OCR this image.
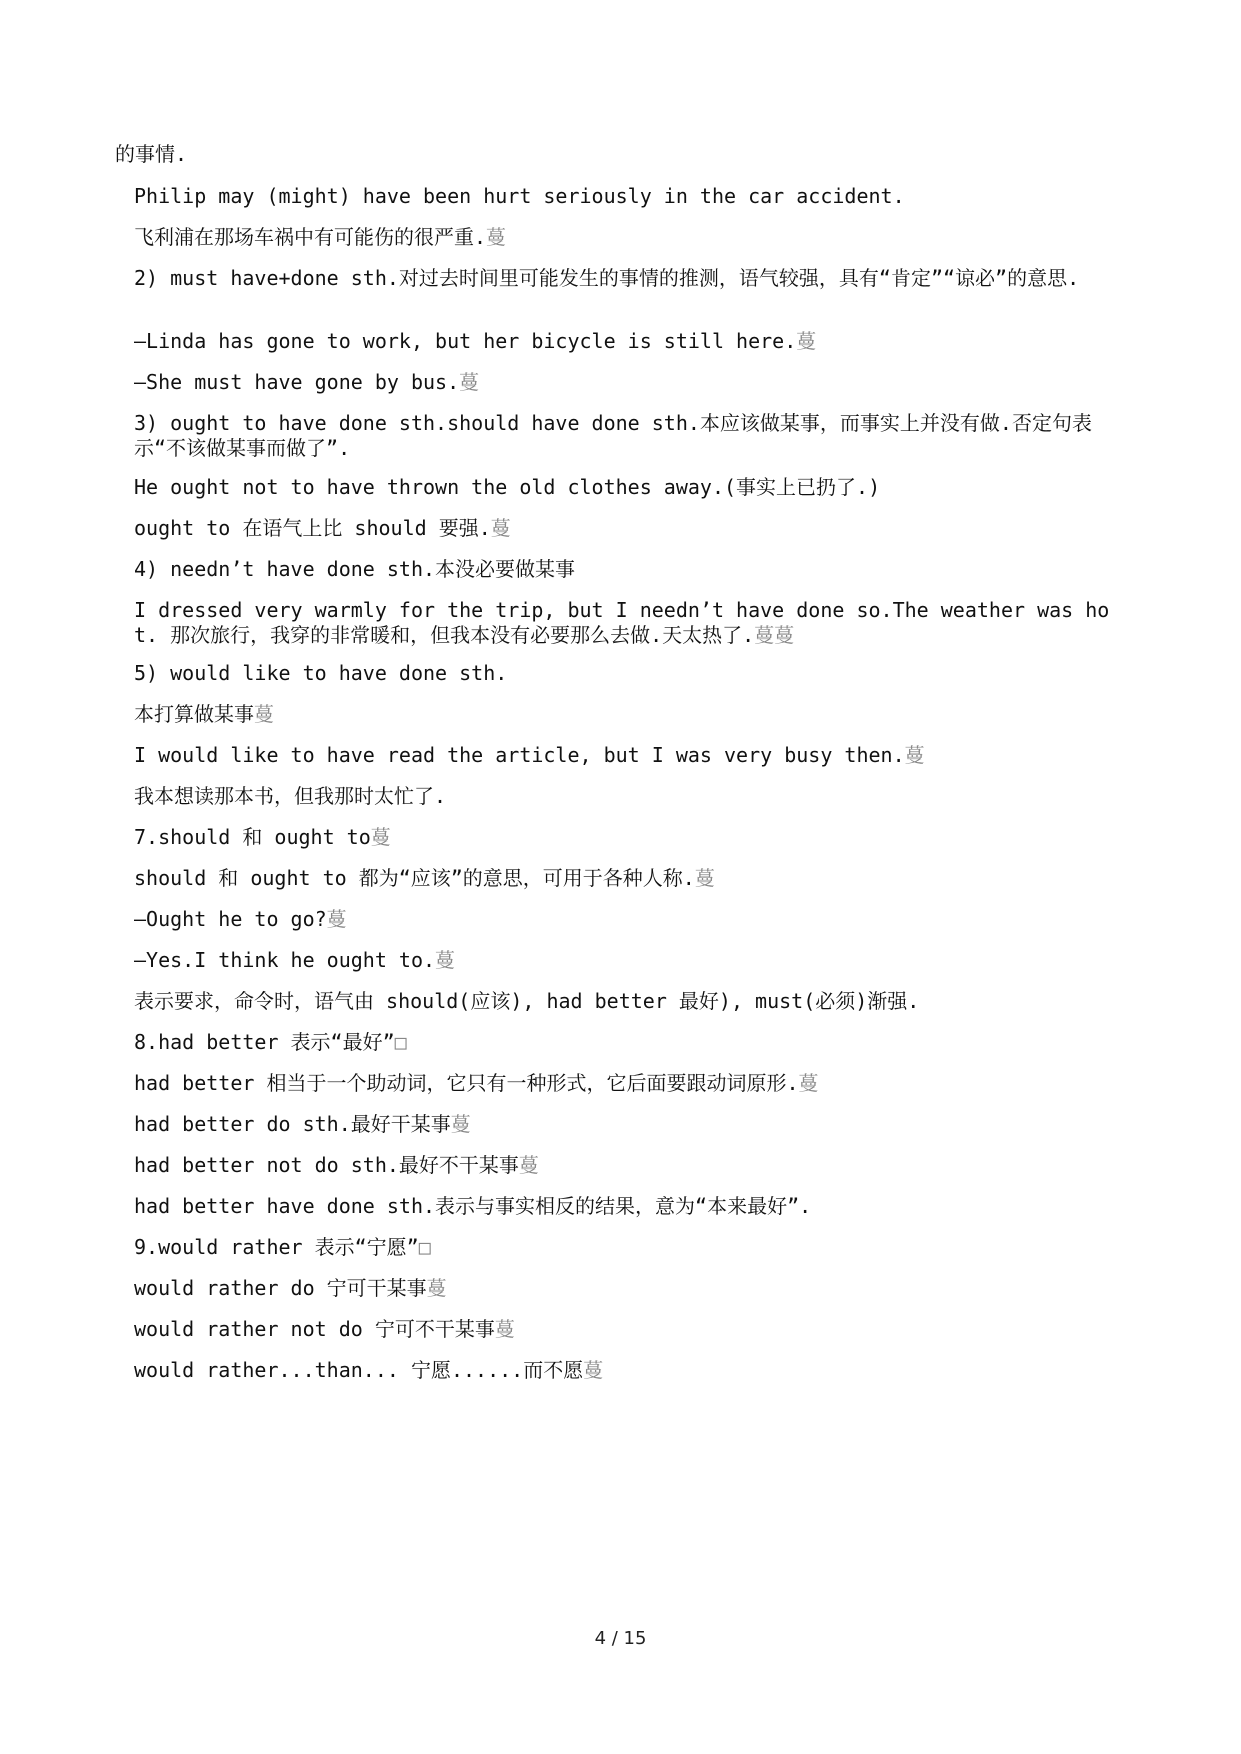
的事情.
Philip may (might) have been hurt seriously in the car accident.
飞利浦在那场车祸中有可能伤的很严重.蔓
2) must have+done sth.对过去时间里可能发生的事情的推测，语气较强，具有“肯定”“谅必”的意思.
—Linda has gone to work, but her bicycle is still here.蔓
—She must have gone by bus.蔓
3) ought to have done sth.should have done sth.本应该做某事，而事实上并没有做.否定句表示“不该做某事而做了”.
He ought not to have thrown the old clothes away.(事实上已扔了.)
ought to 在语气上比 should 要强.蔓
4) needn’t have done sth.本没必要做某事
I dressed very warmly for the trip, but I needn’t have done so.The weather was hot. 那次旅行，我穿的非常暖和，但我本没有必要那么去做.天太热了.蔓蔓
5) would like to have done sth.
本打算做某事蔓
I would like to have read the article, but I was very busy then.蔓
我本想读那本书，但我那时太忙了.
7.should 和 ought to蔓
should 和 ought to 都为“应该”的意思，可用于各种人称.蔓
—Ought he to go?蔓
—Yes.I think he ought to.蔓
表示要求，命令时，语气由 should(应该), had better 最好), must(必须)渐强.
8.had better 表示“最好”□
had better 相当于一个助动词，它只有一种形式，它后面要跟动词原形.蔓
had better do sth.最好干某事蔓
had better not do sth.最好不干某事蔓
had better have done sth.表示与事实相反的结果，意为“本来最好”.
9.would rather 表示“宁愿”□
would rather do 宁可干某事蔓
would rather not do 宁可不干某事蔓
would rather...than... 宁愿......而不愿蔓
4 / 15
